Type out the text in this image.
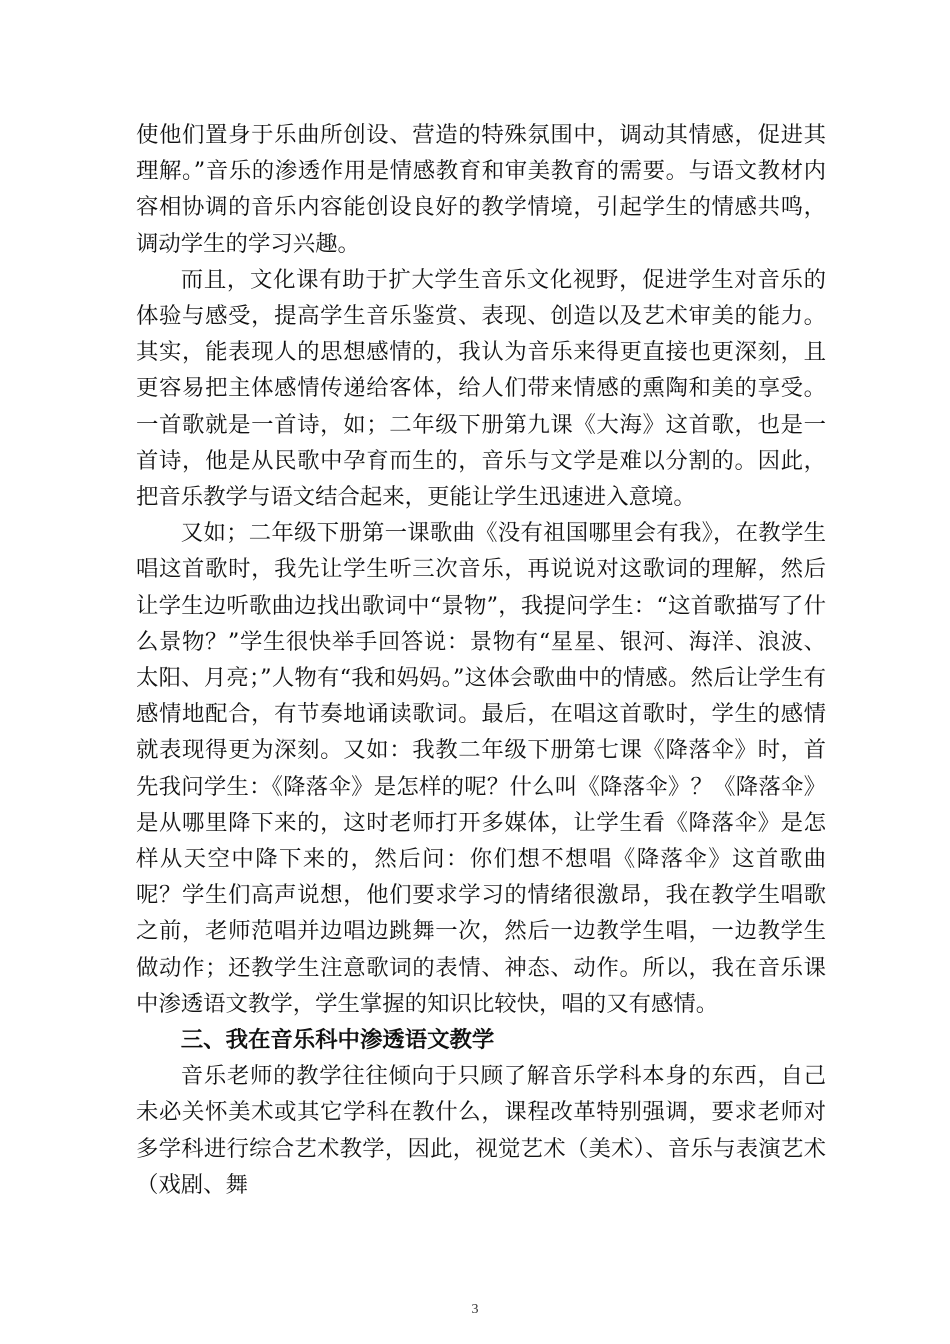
使他们置身于乐曲所创设、营造的特殊氛围中，调动其情感，促进其理解。”音乐的渗透作用是情感教育和审美教育的需要。与语文教材内容相协调的音乐内容能创设良好的教学情境，引起学生的情感共鸣，调动学生的学习兴趣。

而且，文化课有助于扩大学生音乐文化视野，促进学生对音乐的体验与感受，提高学生音乐鉴赏、表现、创造以及艺术审美的能力。其实，能表现人的思想感情的，我认为音乐来得更直接也更深刻，且更容易把主体感情传递给客体，给人们带来情感的熏陶和美的享受。一首歌就是一首诗，如；二年级下册第九课《大海》这首歌，也是一首诗，他是从民歌中孕育而生的，音乐与文学是难以分割的。因此，把音乐教学与语文结合起来，更能让学生迅速进入意境。

又如；二年级下册第一课歌曲《没有祖国哪里会有我》，在教学生唱这首歌时，我先让学生听三次音乐，再说说对这歌词的理解，然后让学生边听歌曲边找出歌词中“景物”，我提问学生：“这首歌描写了什么景物？”学生很快举手回答说：景物有“星星、银河、海洋、浪波、太阳、月亮；”人物有“我和妈妈。”这体会歌曲中的情感。然后让学生有感情地配合，有节奏地诵读歌词。最后，在唱这首歌时，学生的感情就表现得更为深刻。又如：我教二年级下册第七课《降落伞》时，首先我问学生：《降落伞》是怎样的呢？什么叫《降落伞》？《降落伞》是从哪里降下来的，这时老师打开多媒体，让学生看《降落伞》是怎样从天空中降下来的，然后问：你们想不想唱《降落伞》这首歌曲呢？学生们高声说想，他们要求学习的情绪很激昂，我在教学生唱歌之前，老师范唱并边唱边跳舞一次，然后一边教学生唱，一边教学生做动作；还教学生注意歌词的表情、神态、动作。所以，我在音乐课中渗透语文教学，学生掌握的知识比较快，唱的又有感情。

三、我在音乐科中渗透语文教学

音乐老师的教学往往倾向于只顾了解音乐学科本身的东西，自己未必关怀美术或其它学科在教什么，课程改革特别强调，要求老师对多学科进行综合艺术教学，因此，视觉艺术（美术）、音乐与表演艺术（戏剧、舞

3
